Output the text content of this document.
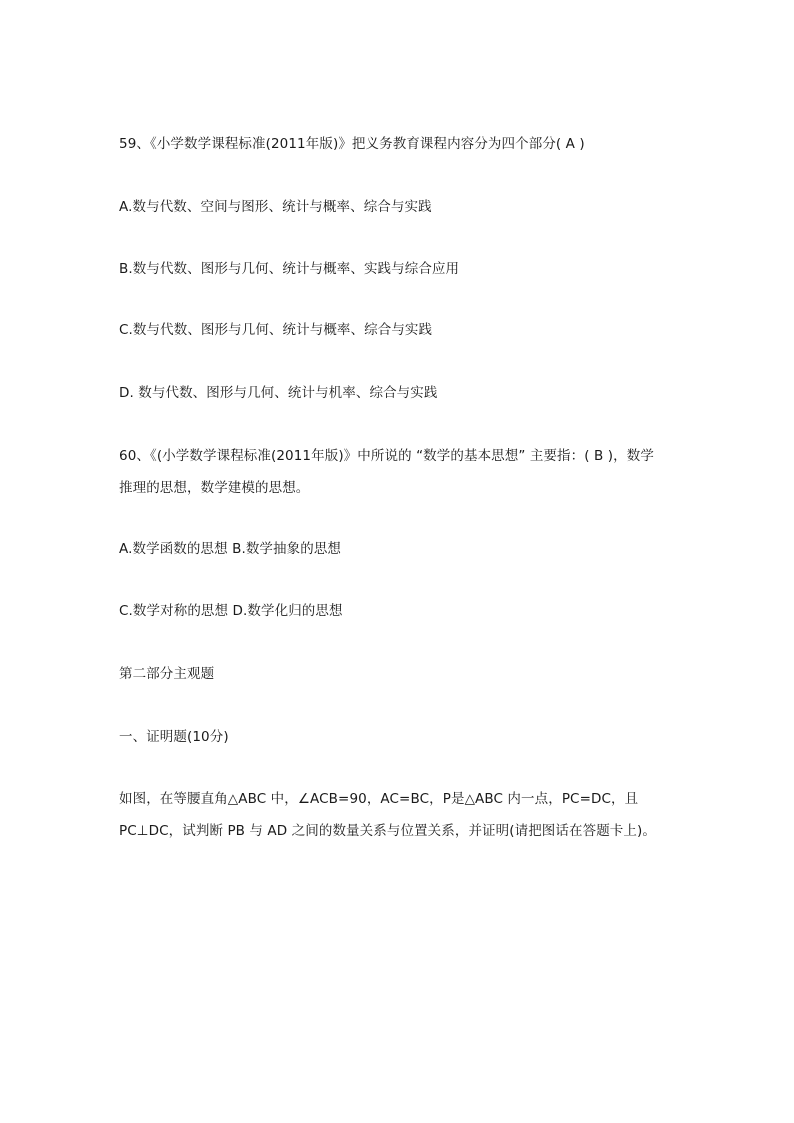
59、《小学数学课程标准(2011年版)》把义务教育课程内容分为四个部分( A )
A.数与代数、空间与图形、统计与概率、综合与实践
B.数与代数、图形与几何、统计与概率、实践与综合应用
C.数与代数、图形与几何、统计与概率、综合与实践
D. 数与代数、图形与几何、统计与机率、综合与实践
60、《(小学数学课程标准(2011年版)》中所说的 “数学的基本思想” 主要指：( B )，数学
推理的思想，数学建模的思想。
A.数学函数的思想 B.数学抽象的思想
C.数学对称的思想 D.数学化归的思想
第二部分主观题
一、证明题(10分)
如图，在等腰直角△ABC 中，∠ACB=90，AC=BC，P是△ABC 内一点，PC=DC，且
PC⊥DC，试判断 PB 与 AD 之间的数量关系与位置关系，并证明(请把图话在答题卡上)。
